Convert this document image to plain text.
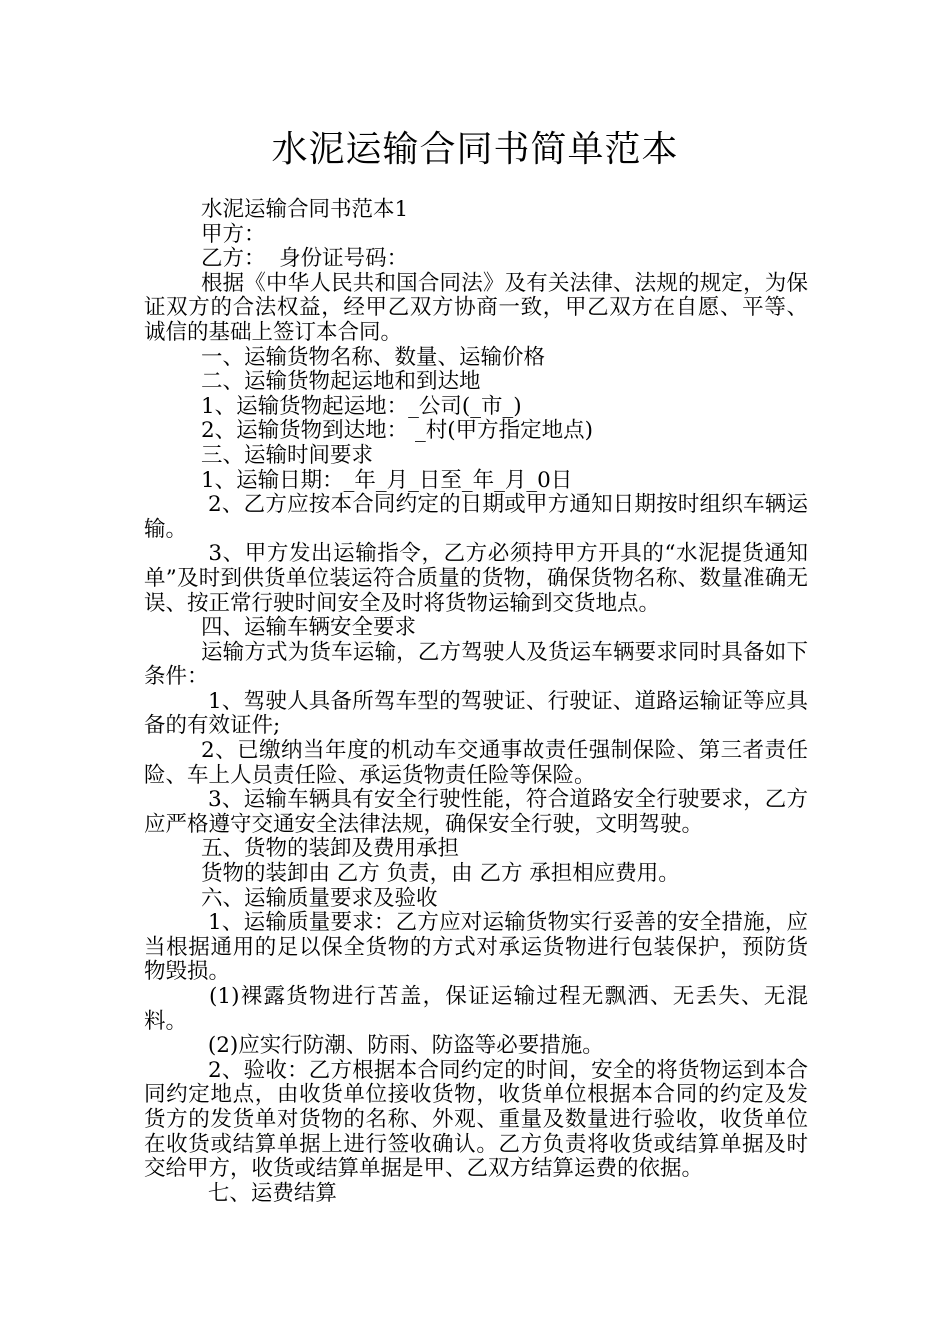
水泥运输合同书简单范本

水泥运输合同书范本1

甲方：

乙方：  身份证号码：

根据《中华人民共和国合同法》及有关法律、法规的规定，为保证双方的合法权益，经甲乙双方协商一致，甲乙双方在自愿、平等、诚信的基础上签订本合同。

一、运输货物名称、数量、运输价格

二、运输货物起运地和到达地

1、运输货物起运地：_公司(_市_)

2、运输货物到达地： _村(甲方指定地点)

三、运输时间要求

1、运输日期：_年_月_日至_年_月_0日

2、乙方应按本合同约定的日期或甲方通知日期按时组织车辆运输。

3、甲方发出运输指令，乙方必须持甲方开具的“水泥提货通知单”及时到供货单位装运符合质量的货物，确保货物名称、数量准确无误、按正常行驶时间安全及时将货物运输到交货地点。

四、运输车辆安全要求

运输方式为货车运输，乙方驾驶人及货运车辆要求同时具备如下条件：

1、驾驶人具备所驾车型的驾驶证、行驶证、道路运输证等应具备的有效证件;

2、已缴纳当年度的机动车交通事故责任强制保险、第三者责任险、车上人员责任险、承运货物责任险等保险。

3、运输车辆具有安全行驶性能，符合道路安全行驶要求，乙方应严格遵守交通安全法律法规，确保安全行驶，文明驾驶。

五、货物的装卸及费用承担

货物的装卸由 乙方 负责，由 乙方 承担相应费用。

六、运输质量要求及验收

1、运输质量要求：乙方应对运输货物实行妥善的安全措施，应当根据通用的足以保全货物的方式对承运货物进行包装保护，预防货物毁损。

(1)裸露货物进行苫盖，保证运输过程无飘洒、无丢失、无混料。

(2)应实行防潮、防雨、防盗等必要措施。

2、验收：乙方根据本合同约定的时间，安全的将货物运到本合同约定地点，由收货单位接收货物，收货单位根据本合同的约定及发货方的发货单对货物的名称、外观、重量及数量进行验收，收货单位在收货或结算单据上进行签收确认。乙方负责将收货或结算单据及时交给甲方，收货或结算单据是甲、乙双方结算运费的依据。

七、运费结算
